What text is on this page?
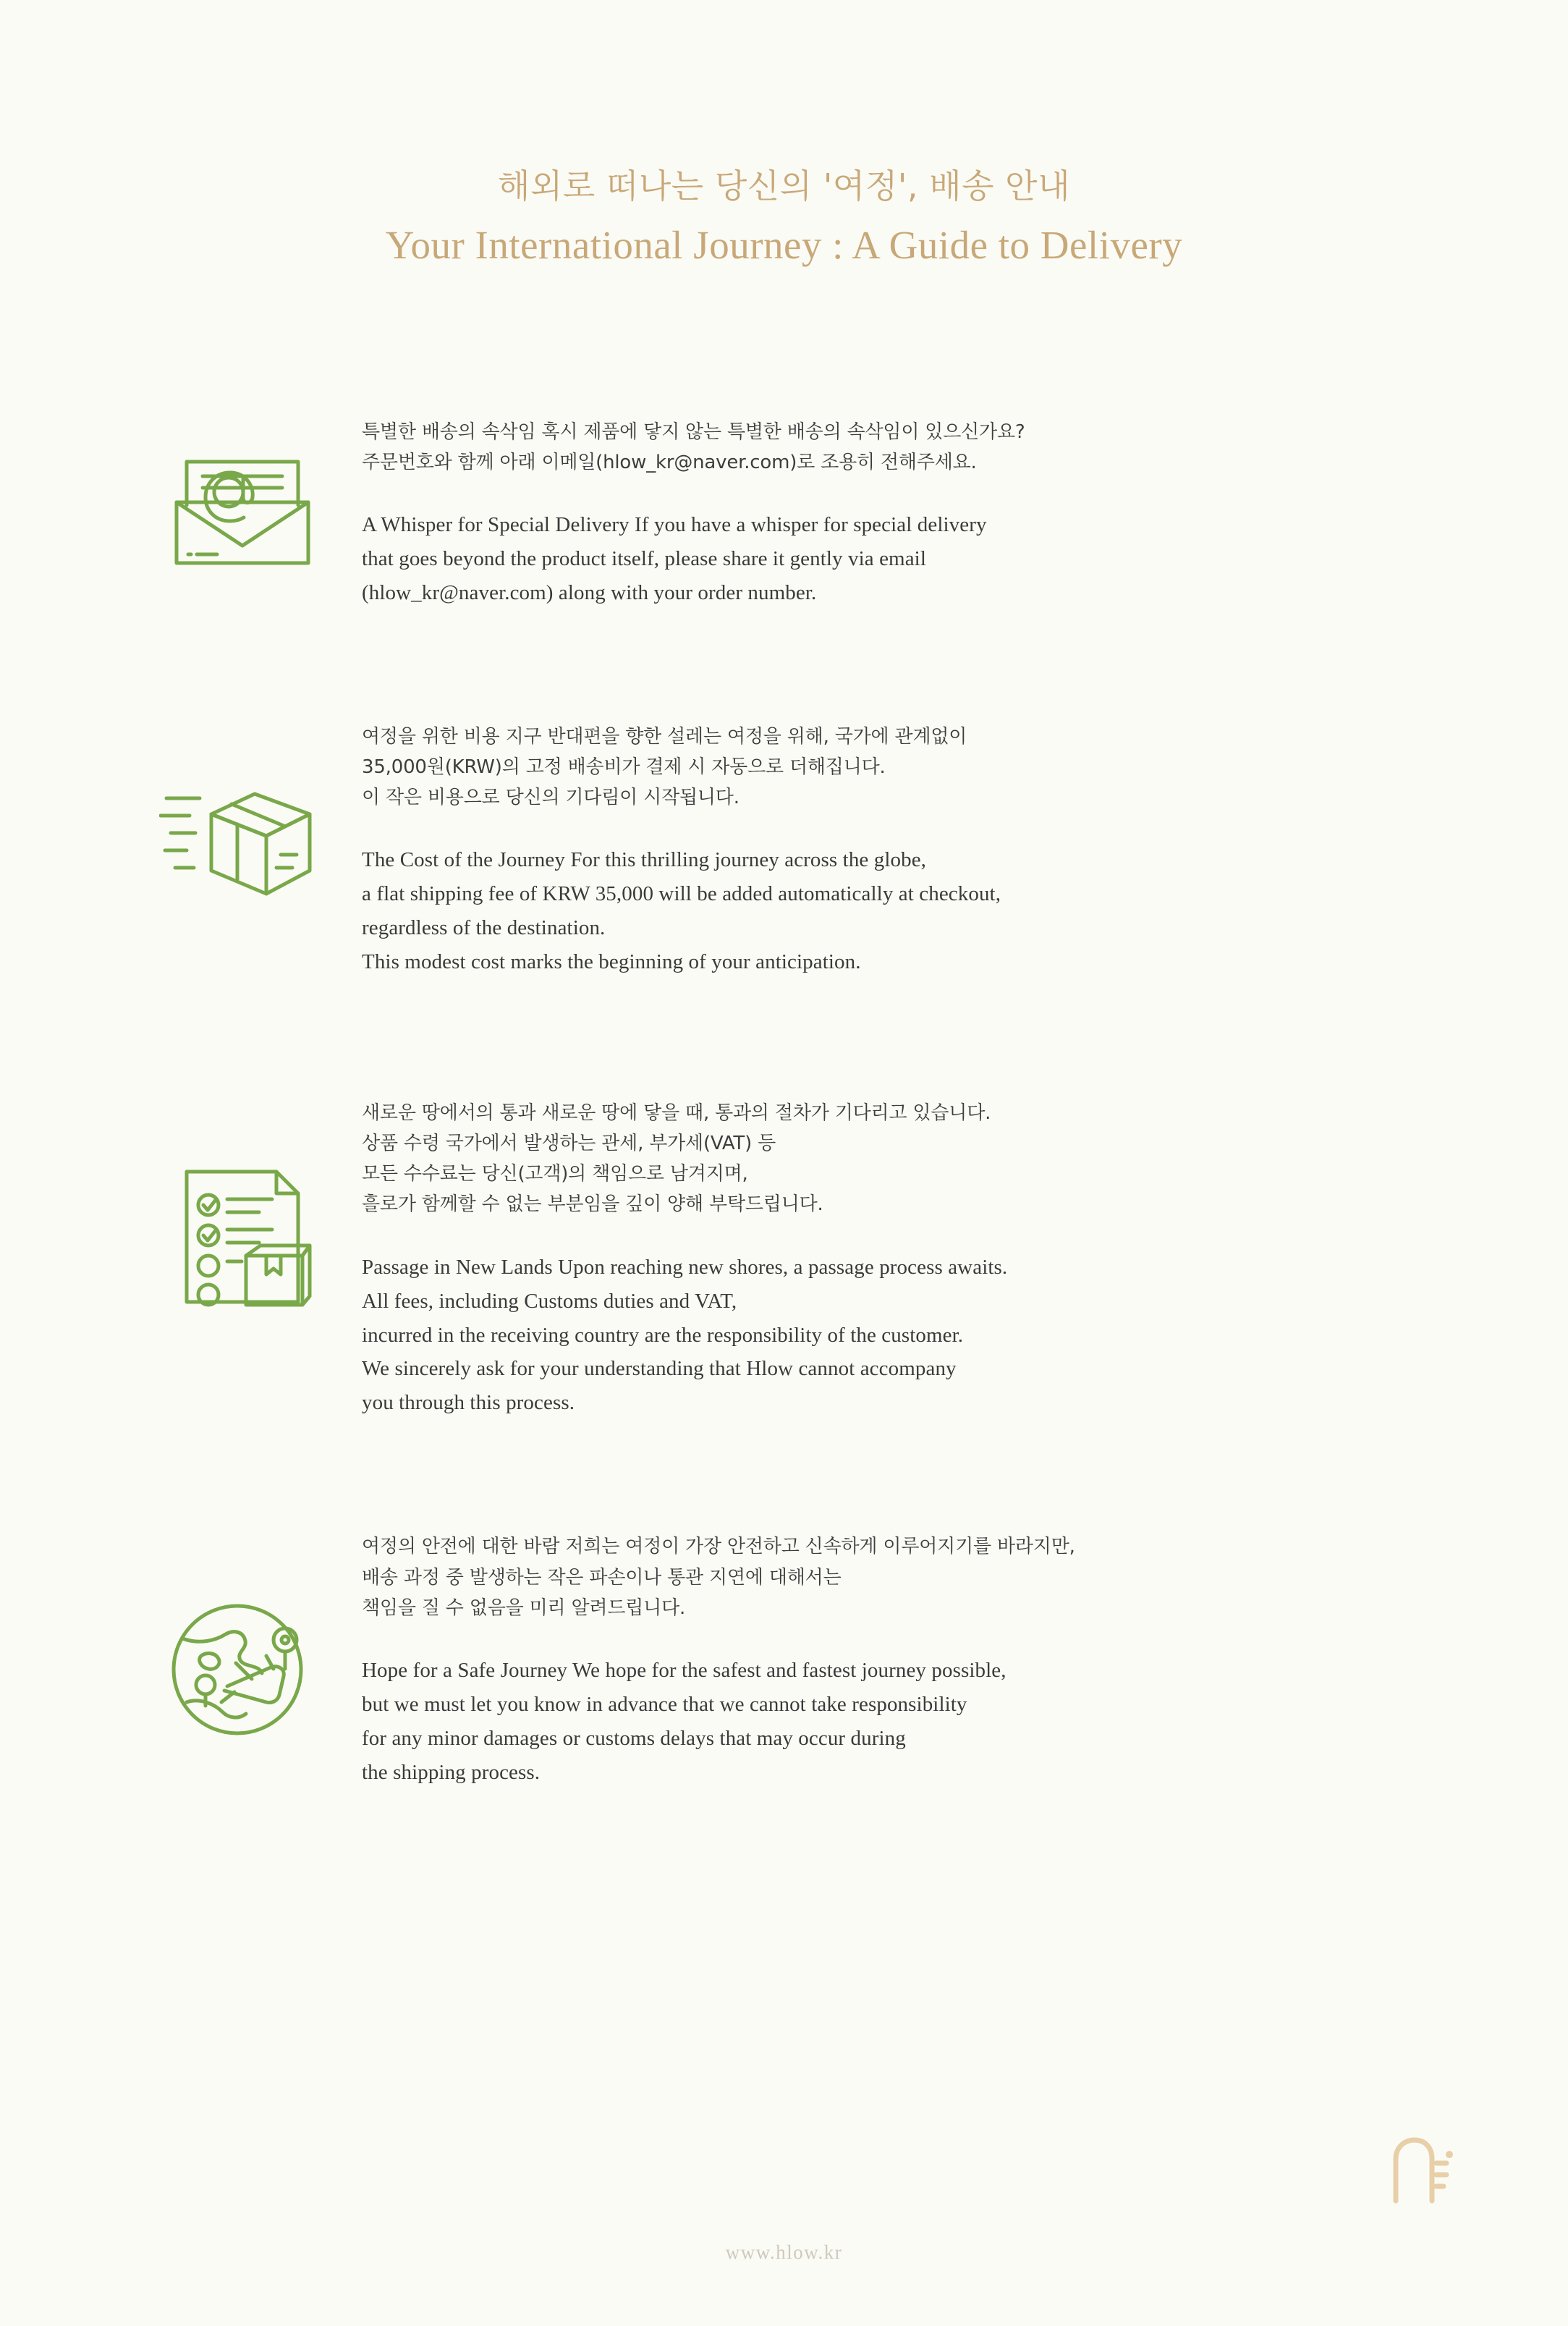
해외로 떠나는 당신의 '여정', 배송 안내
Your International Journey : A Guide to Delivery
특별한 배송의 속삭임 혹시 제품에 닿지 않는 특별한 배송의 속삭임이 있으신가요?
주문번호와 함께 아래 이메일(hlow_kr@naver.com)로 조용히 전해주세요.
A Whisper for Special Delivery If you have a whisper for special delivery
that goes beyond the product itself, please share it gently via email
(hlow_kr@naver.com) along with your order number.
여정을 위한 비용 지구 반대편을 향한 설레는 여정을 위해, 국가에 관계없이
35,000원(KRW)의 고정 배송비가 결제 시 자동으로 더해집니다.
이 작은 비용으로 당신의 기다림이 시작됩니다.
The Cost of the Journey For this thrilling journey across the globe,
a flat shipping fee of KRW 35,000 will be added automatically at checkout,
regardless of the destination.
This modest cost marks the beginning of your anticipation.
새로운 땅에서의 통과 새로운 땅에 닿을 때, 통과의 절차가 기다리고 있습니다.
상품 수령 국가에서 발생하는 관세, 부가세(VAT) 등
모든 수수료는 당신(고객)의 책임으로 남겨지며,
흘로가 함께할 수 없는 부분임을 깊이 양해 부탁드립니다.
Passage in New Lands Upon reaching new shores, a passage process awaits.
All fees, including Customs duties and VAT,
incurred in the receiving country are the responsibility of the customer.
We sincerely ask for your understanding that Hlow cannot accompany
you through this process.
여정의 안전에 대한 바람 저희는 여정이 가장 안전하고 신속하게 이루어지기를 바라지만,
배송 과정 중 발생하는 작은 파손이나 통관 지연에 대해서는
책임을 질 수 없음을 미리 알려드립니다.
Hope for a Safe Journey We hope for the safest and fastest journey possible,
but we must let you know in advance that we cannot take responsibility
for any minor damages or customs delays that may occur during
the shipping process.
www.hlow.kr
